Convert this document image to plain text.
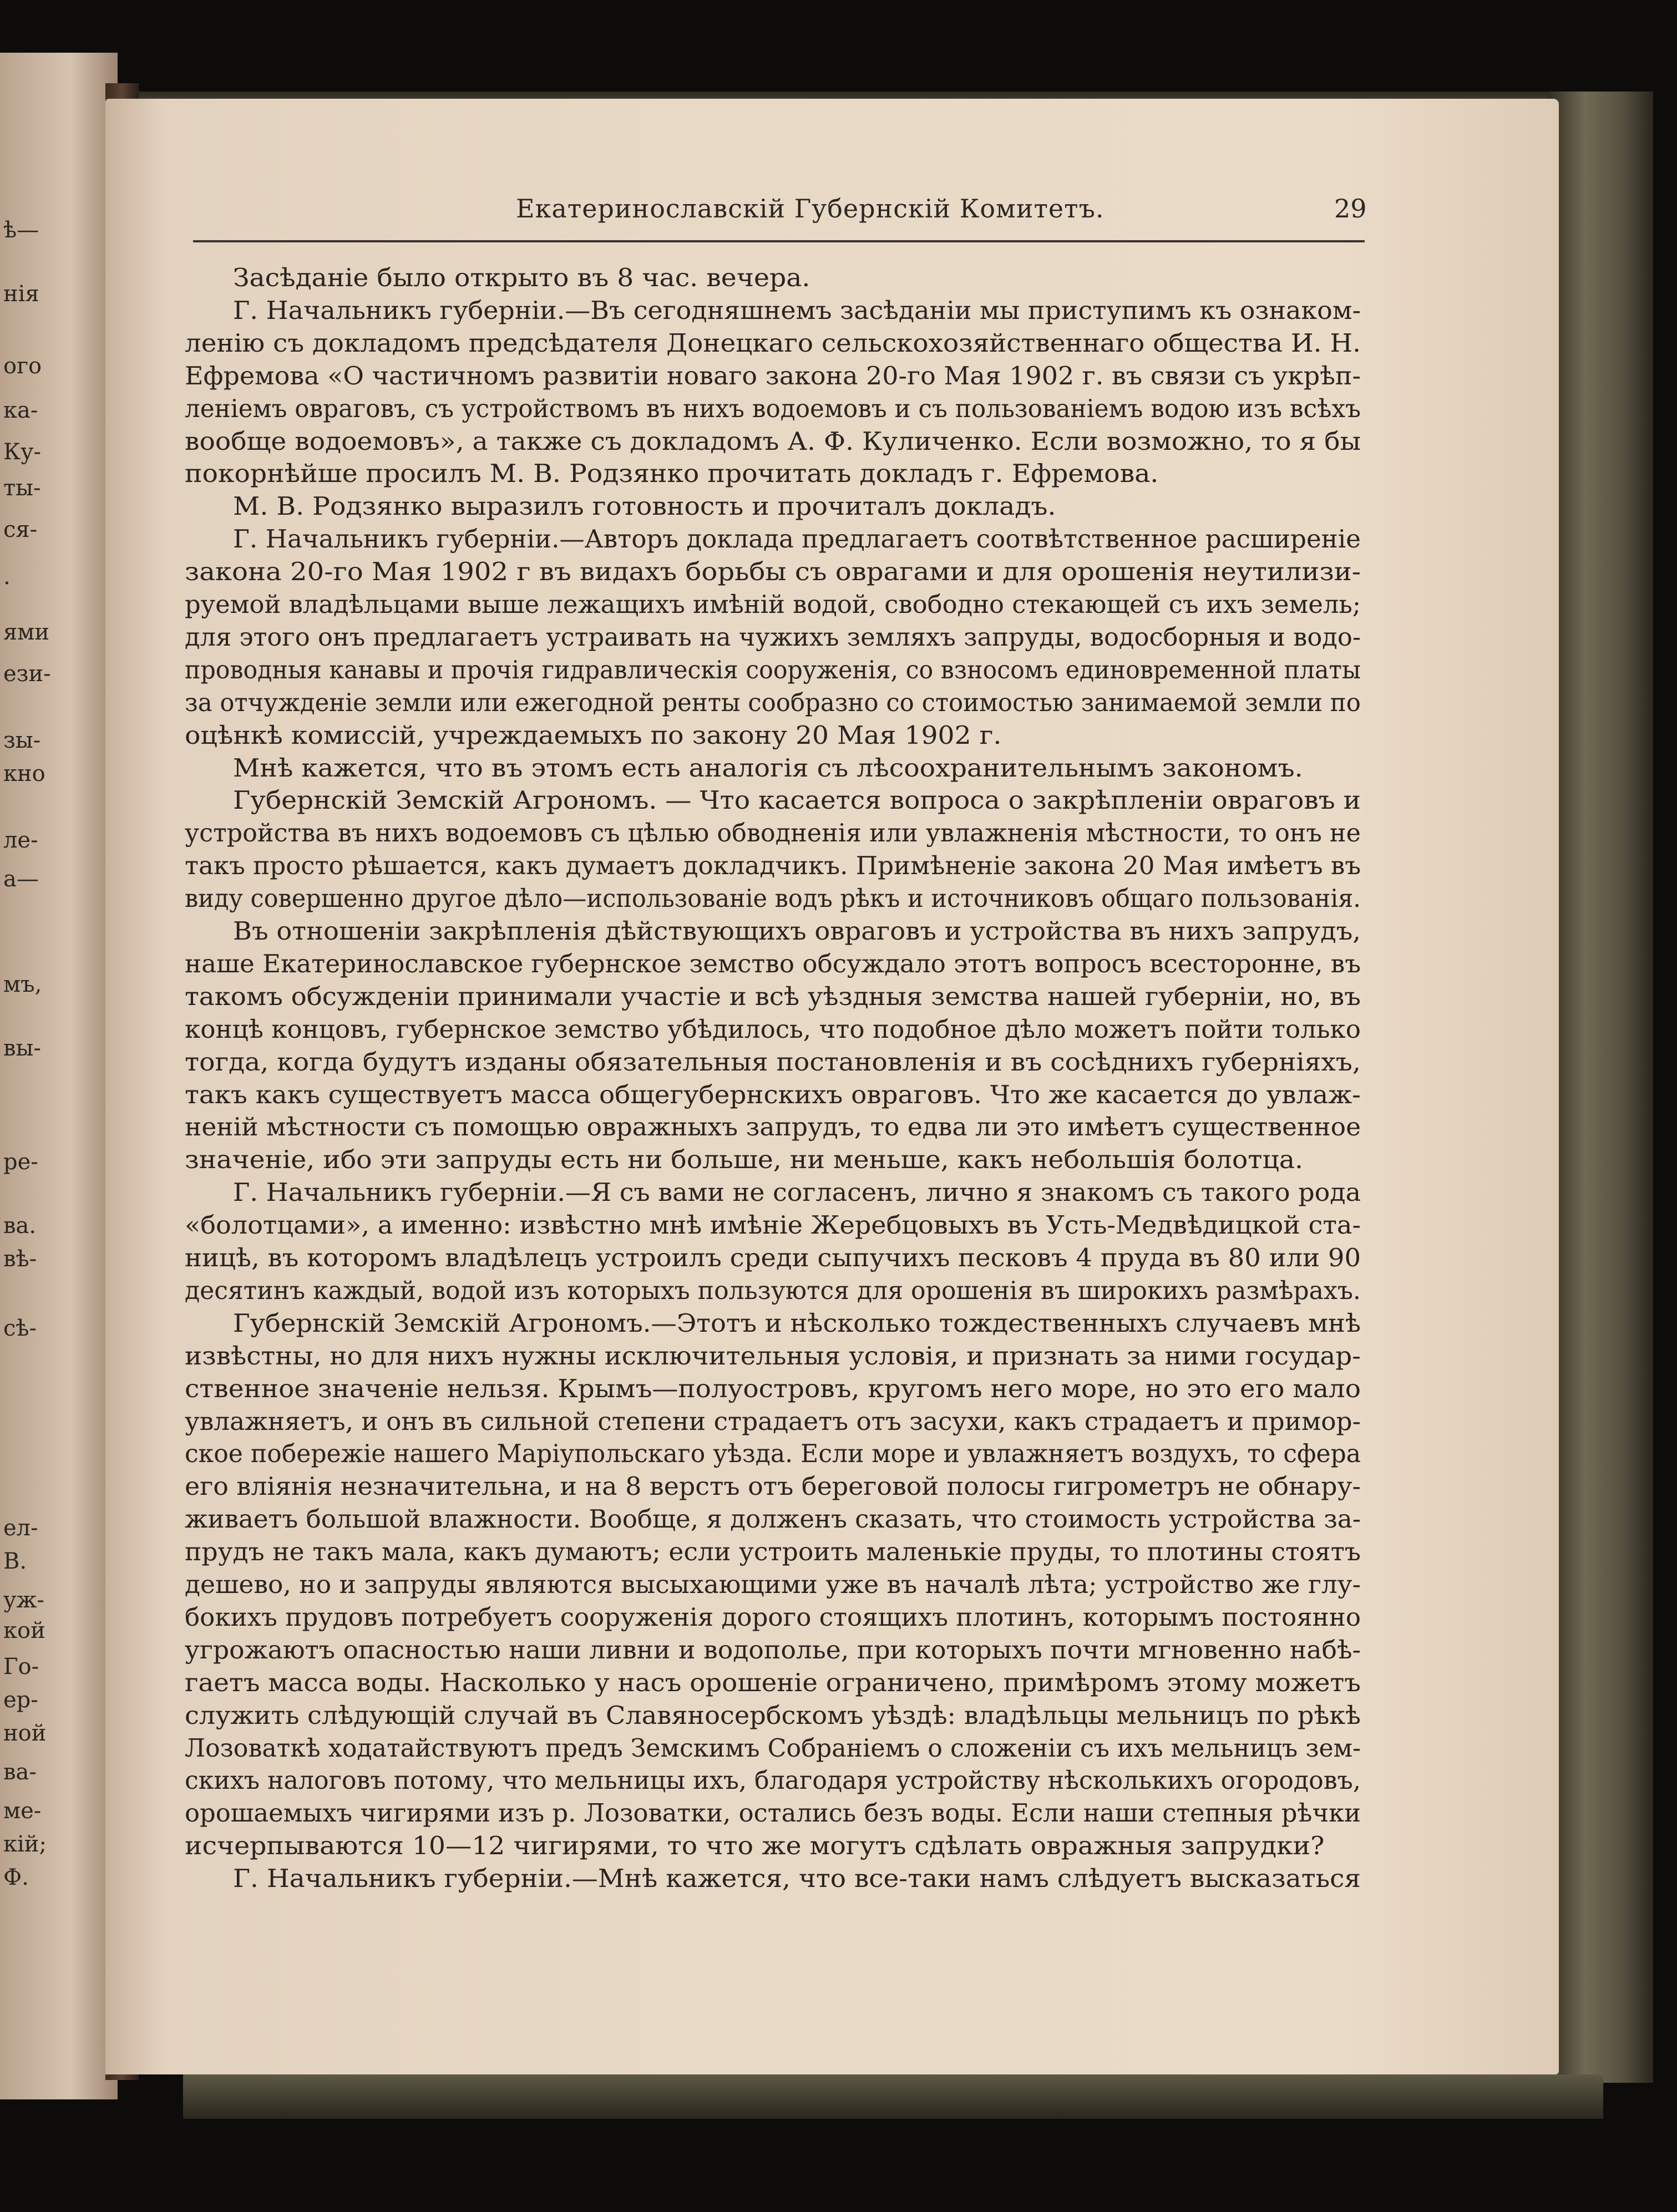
ѣ—
нія
ого
ка-
Ку-
ты-
ся-
.
ями
ези-
зы-
кно
ле-
а—
мъ,
вы-
ре-
ва.
вѣ-
сѣ-
ел-
В.
уж-
кой
Го-
ер-
ной
ва-
ме-
кій;
Ф.
Екатеринославскій Губернскій Комитетъ.	29
Засѣданіе было открыто въ 8 час. вечера.
Г. Начальникъ губерніи.—Въ сегодняшнемъ засѣданіи мы приступимъ къ ознаком-
ленію съ докладомъ предсѣдателя Донецкаго сельскохозяйственнаго общества И. Н.
Ефремова «О частичномъ развитіи новаго закона 20-го Мая 1902 г. въ связи съ укрѣп-
леніемъ овраговъ, съ устройствомъ въ нихъ водоемовъ и съ пользованіемъ водою изъ всѣхъ
вообще водоемовъ», а также съ докладомъ А. Ф. Куличенко. Если возможно, то я бы
покорнѣйше просилъ М. В. Родзянко прочитать докладъ г. Ефремова.
М. В. Родзянко выразилъ готовность и прочиталъ докладъ.
Г. Начальникъ губерніи.—Авторъ доклада предлагаетъ соотвѣтственное расширеніе
закона 20-го Мая 1902 г въ видахъ борьбы съ оврагами и для орошенія неутилизи-
руемой владѣльцами выше лежащихъ имѣній водой, свободно стекающей съ ихъ земель;
для этого онъ предлагаетъ устраивать на чужихъ земляхъ запруды, водосборныя и водо-
проводныя канавы и прочія гидравлическія сооруженія, со взносомъ единовременной платы
за отчужденіе земли или ежегодной ренты сообразно со стоимостью занимаемой земли по
оцѣнкѣ комиссій, учреждаемыхъ по закону 20 Мая 1902 г.
Мнѣ кажется, что въ этомъ есть аналогія съ лѣсоохранительнымъ закономъ.
Губернскій Земскій Агрономъ. — Что касается вопроса о закрѣпленіи овраговъ и
устройства въ нихъ водоемовъ съ цѣлью обводненія или увлажненія мѣстности, то онъ не
такъ просто рѣшается, какъ думаетъ докладчикъ. Примѣненіе закона 20 Мая имѣетъ въ
виду совершенно другое дѣло—использованіе водъ рѣкъ и источниковъ общаго пользованія.
Въ отношеніи закрѣпленія дѣйствующихъ овраговъ и устройства въ нихъ запрудъ,
наше Екатеринославское губернское земство обсуждало этотъ вопросъ всесторонне, въ
такомъ обсужденіи принимали участіе и всѣ уѣздныя земства нашей губерніи, но, въ
концѣ концовъ, губернское земство убѣдилось, что подобное дѣло можетъ пойти только
тогда, когда будутъ изданы обязательныя постановленія и въ сосѣднихъ губерніяхъ,
такъ какъ существуетъ масса общегубернскихъ овраговъ. Что же касается до увлаж-
неній мѣстности съ помощью овражныхъ запрудъ, то едва ли это имѣетъ существенное
значеніе, ибо эти запруды есть ни больше, ни меньше, какъ небольшія болотца.
Г. Начальникъ губерніи.—Я съ вами не согласенъ, лично я знакомъ съ такого рода
«болотцами», а именно: извѣстно мнѣ имѣніе Жеребцовыхъ въ Усть-Медвѣдицкой ста-
ницѣ, въ которомъ владѣлецъ устроилъ среди сыпучихъ песковъ 4 пруда въ 80 или 90
десятинъ каждый, водой изъ которыхъ пользуются для орошенія въ широкихъ размѣрахъ.
Губернскій Земскій Агрономъ.—Этотъ и нѣсколько тождественныхъ случаевъ мнѣ
извѣстны, но для нихъ нужны исключительныя условія, и признать за ними государ-
ственное значеніе нельзя. Крымъ—полуостровъ, кругомъ него море, но это его мало
увлажняетъ, и онъ въ сильной степени страдаетъ отъ засухи, какъ страдаетъ и примор-
ское побережіе нашего Маріупольскаго уѣзда. Если море и увлажняетъ воздухъ, то сфера
его вліянія незначительна, и на 8 верстъ отъ береговой полосы гигрометръ не обнару-
живаетъ большой влажности. Вообще, я долженъ сказать, что стоимость устройства за-
прудъ не такъ мала, какъ думаютъ; если устроить маленькіе пруды, то плотины стоятъ
дешево, но и запруды являются высыхающими уже въ началѣ лѣта; устройство же глу-
бокихъ прудовъ потребуетъ сооруженія дорого стоящихъ плотинъ, которымъ постоянно
угрожаютъ опасностью наши ливни и водополье, при которыхъ почти мгновенно набѣ-
гаетъ масса воды. Насколько у насъ орошеніе ограничено, примѣромъ этому можетъ
служить слѣдующій случай въ Славяносербскомъ уѣздѣ: владѣльцы мельницъ по рѣкѣ
Лозоваткѣ ходатайствуютъ предъ Земскимъ Собраніемъ о сложеніи съ ихъ мельницъ зем-
скихъ налоговъ потому, что мельницы ихъ, благодаря устройству нѣсколькихъ огородовъ,
орошаемыхъ чигирями изъ р. Лозоватки, остались безъ воды. Если наши степныя рѣчки
исчерпываются 10—12 чигирями, то что же могутъ сдѣлать овражныя запрудки?
Г. Начальникъ губерніи.—Мнѣ кажется, что все-таки намъ слѣдуетъ высказаться
